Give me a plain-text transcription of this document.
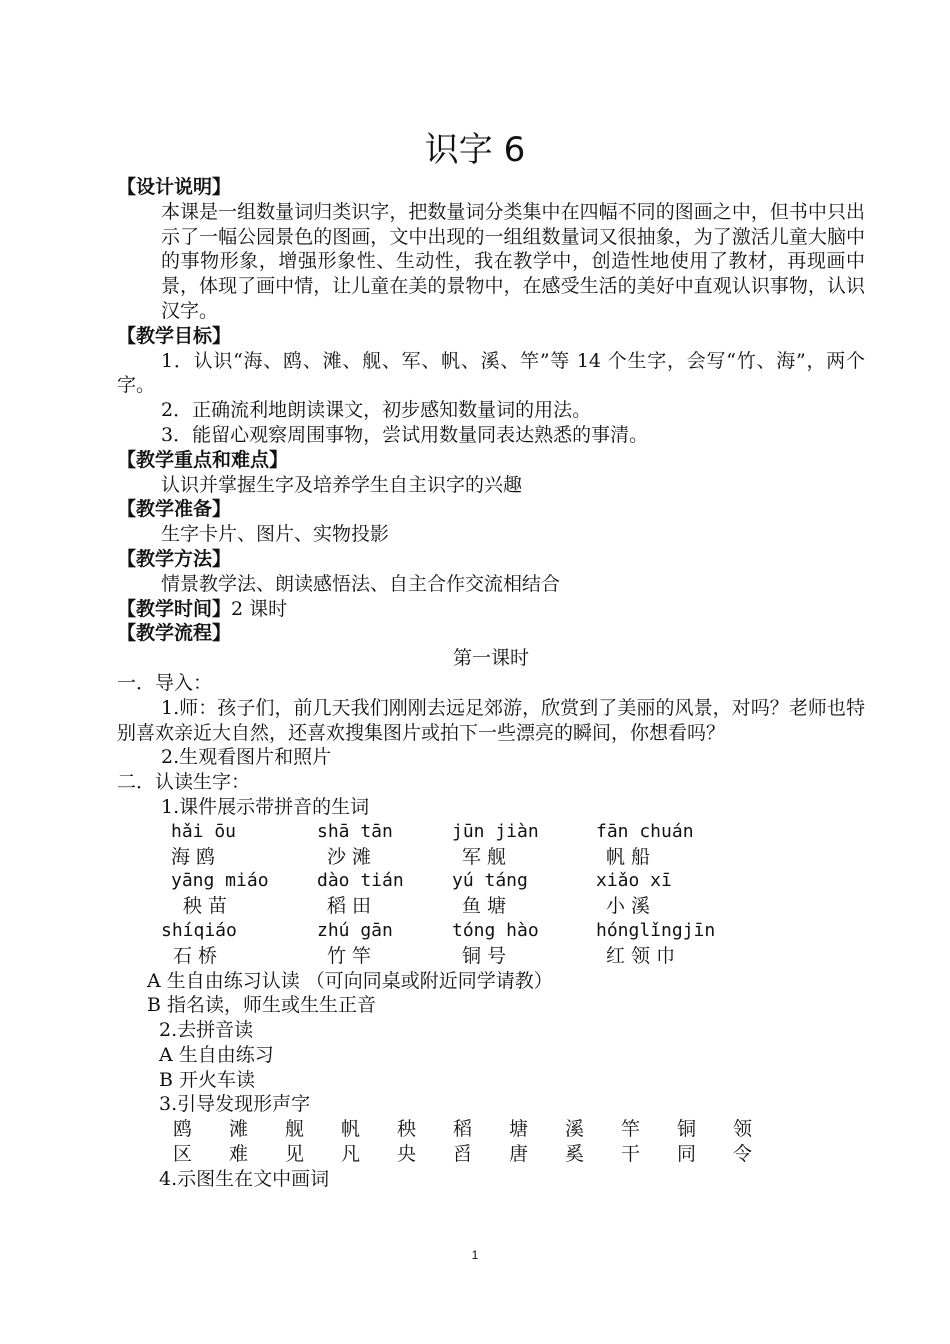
识字 6
【设计说明】
本课是一组数量词归类识字，把数量词分类集中在四幅不同的图画之中，但书中只出示了一幅公园景色的图画，文中出现的一组组数量词又很抽象，为了激活儿童大脑中的事物形象，增强形象性、生动性，我在教学中，创造性地使用了教材，再现画中景，体现了画中情，让儿童在美的景物中，在感受生活的美好中直观认识事物，认识汉字。
【教学目标】
1．认识“海、鸥、滩、舰、军、帆、溪、竿”等 14 个生字，会写“竹、海”，两个字。
2．正确流利地朗读课文，初步感知数量词的用法。
3．能留心观察周围事物，尝试用数量同表达熟悉的事清。
【教学重点和难点】
认识并掌握生字及培养学生自主识字的兴趣
【教学准备】
生字卡片、图片、实物投影
【教学方法】
情景教学法、朗读感悟法、自主合作交流相结合
【教学时间】2 课时
【教学流程】
第一课时
一．导入：
1.师：孩子们，前几天我们刚刚去远足郊游，欣赏到了美丽的风景，对吗？老师也特别喜欢亲近大自然，还喜欢搜集图片或拍下一些漂亮的瞬间，你想看吗？
2.生观看图片和照片
二．认读生字：
1.课件展示带拼音的生词
hǎi ōu	shā tān	jūn jiàn	fān chuán
海 鸥	沙 滩	军 舰	帆 船
yāng miáo	dào tián	yú táng	xiǎo xī
秧 苗	稻 田	鱼 塘	小 溪
shíqiáo	zhú gān	tóng hào	hónglǐngjīn
石 桥	竹 竿	铜 号	红 领 巾
A 生自由练习认读 （可向同桌或附近同学请教）
B 指名读，师生或生生正音
2.去拼音读
A 生自由练习
B 开火车读
3.引导发现形声字
鸥 滩 舰 帆 秧 稻 塘 溪 竿 铜 领
区 难 见 凡 央 舀 唐 奚 干 同 令
4.示图生在文中画词
1
